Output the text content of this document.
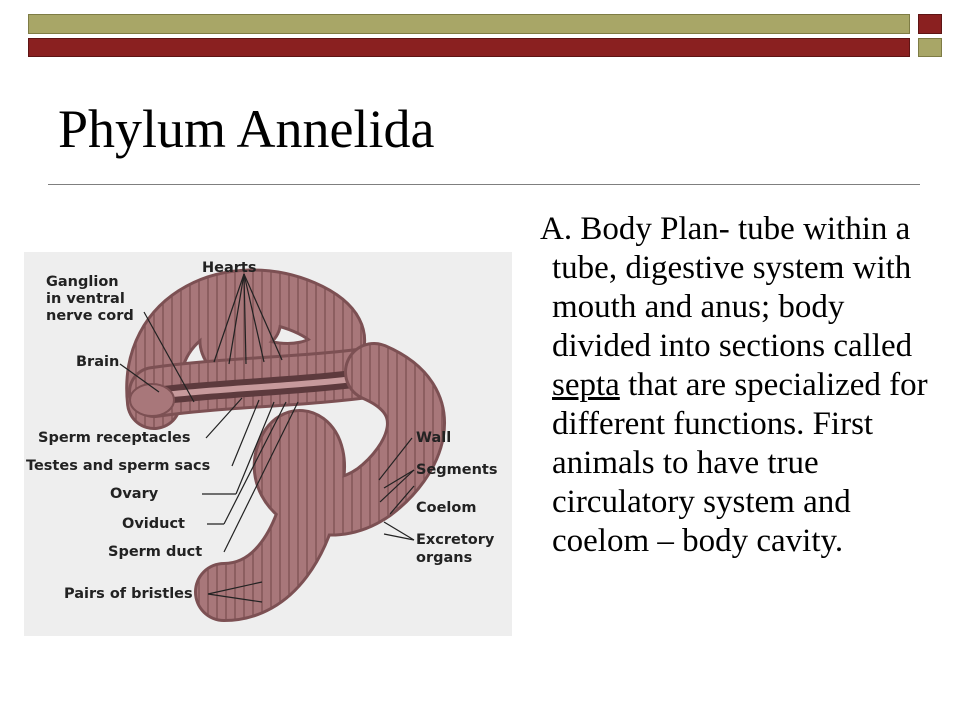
Phylum Annelida
Hearts
Ganglion
in ventral
nerve cord
Brain
Sperm receptacles
Testes and sperm sacs
Ovary
Oviduct
Sperm duct
Pairs of bristles
Wall
Segments
Coelom
Excretory
organs

A. Body Plan- tube within a tube, digestive system with mouth and anus; body divided into sections called septa that are specialized for different functions. First animals to have true circulatory system and coelom – body cavity.
